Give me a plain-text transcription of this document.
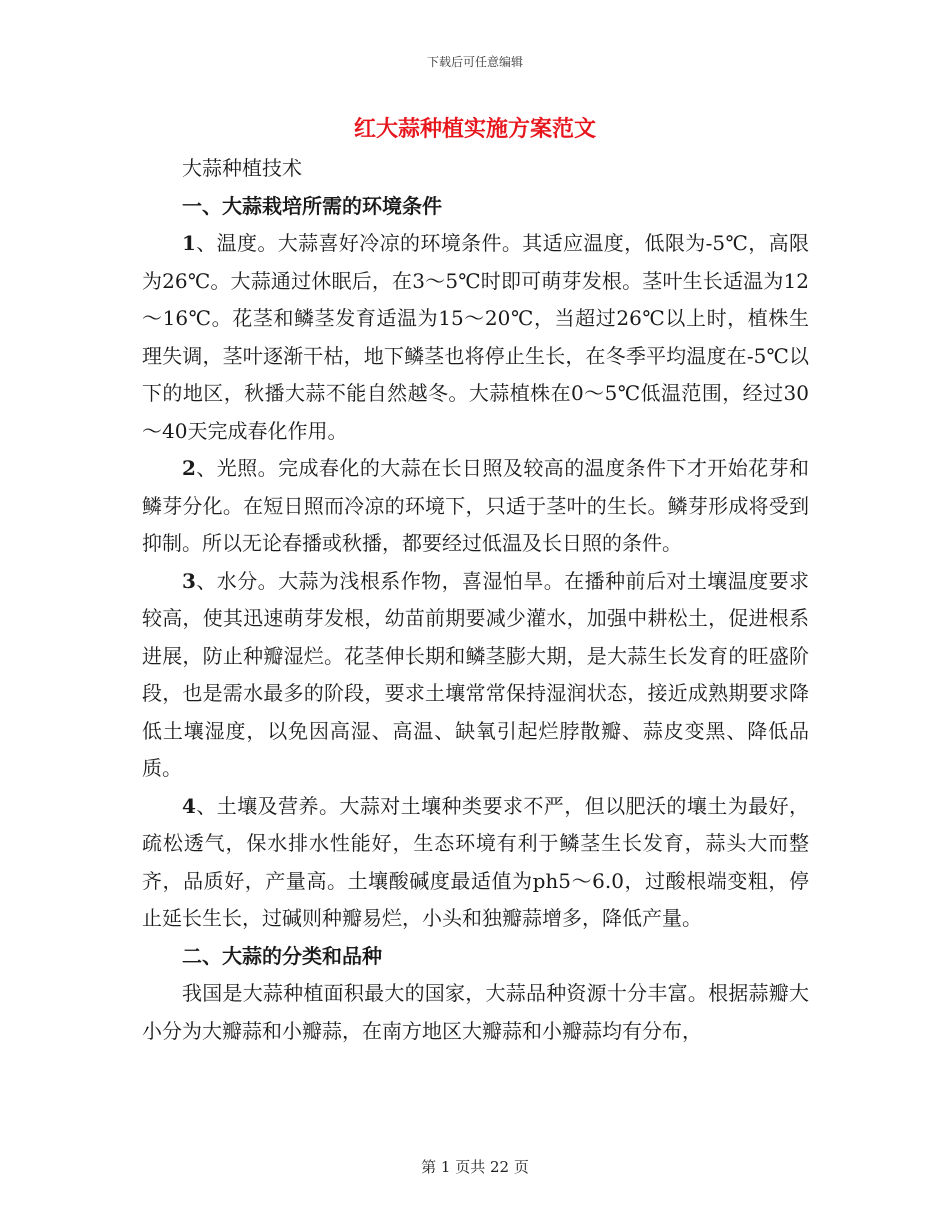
下载后可任意编辑
红大蒜种植实施方案范文

大蒜种植技术

一、大蒜栽培所需的环境条件

1、温度。大蒜喜好冷凉的环境条件。其适应温度，低限为-5℃，高限为26℃。大蒜通过休眠后，在3～5℃时即可萌芽发根。茎叶生长适温为12～16℃。花茎和鳞茎发育适温为15～20℃，当超过26℃以上时，植株生理失调，茎叶逐渐干枯，地下鳞茎也将停止生长，在冬季平均温度在-5℃以下的地区，秋播大蒜不能自然越冬。大蒜植株在0～5℃低温范围，经过30～40天完成春化作用。

2、光照。完成春化的大蒜在长日照及较高的温度条件下才开始花芽和鳞芽分化。在短日照而冷凉的环境下，只适于茎叶的生长。鳞芽形成将受到抑制。所以无论春播或秋播，都要经过低温及长日照的条件。

3、水分。大蒜为浅根系作物，喜湿怕旱。在播种前后对土壤温度要求较高，使其迅速萌芽发根，幼苗前期要减少灌水，加强中耕松土，促进根系进展，防止种瓣湿烂。花茎伸长期和鳞茎膨大期，是大蒜生长发育的旺盛阶段，也是需水最多的阶段，要求土壤常常保持湿润状态，接近成熟期要求降低土壤湿度，以免因高湿、高温、缺氧引起烂脖散瓣、蒜皮变黑、降低品质。

4、土壤及营养。大蒜对土壤种类要求不严，但以肥沃的壤土为最好，疏松透气，保水排水性能好，生态环境有利于鳞茎生长发育，蒜头大而整齐，品质好，产量高。土壤酸碱度最适值为ph5～6.0，过酸根端变粗，停止延长生长，过碱则种瓣易烂，小头和独瓣蒜增多，降低产量。

二、大蒜的分类和品种

我国是大蒜种植面积最大的国家，大蒜品种资源十分丰富。根据蒜瓣大小分为大瓣蒜和小瓣蒜，在南方地区大瓣蒜和小瓣蒜均有分布，

第 1 页共 22 页
